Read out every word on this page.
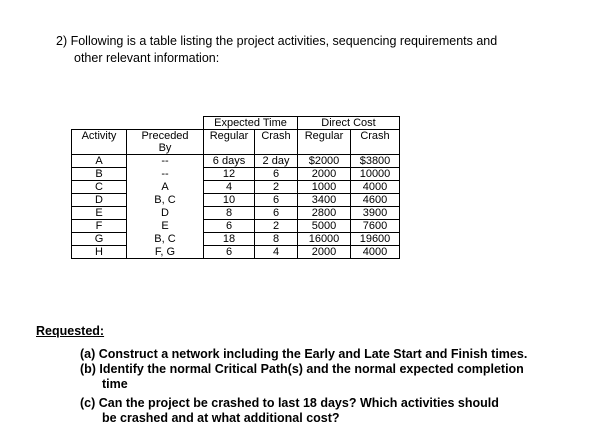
2) Following is a table listing the project activities, sequencing requirements and
other relevant information:
		Expected Time		Direct Cost	
Activity	Preceded	Regular	Crash	Regular	Crash
	By				
A	--	6 days	2 day	$2000	$3800
B	--	12	6	2000	10000
C	A	4	2	1000	4000
D	B, C	10	6	3400	4600
E	D	8	6	2800	3900
F	E	6	2	5000	7600
G	B, C	18	8	16000	19600
H	F, G	6	4	2000	4000
Requested:
(a) Construct a network including the Early and Late Start and Finish times.
(b) Identify the normal Critical Path(s) and the normal expected completion
time
(c) Can the project be crashed to last 18 days? Which activities should
be crashed and at what additional cost?
